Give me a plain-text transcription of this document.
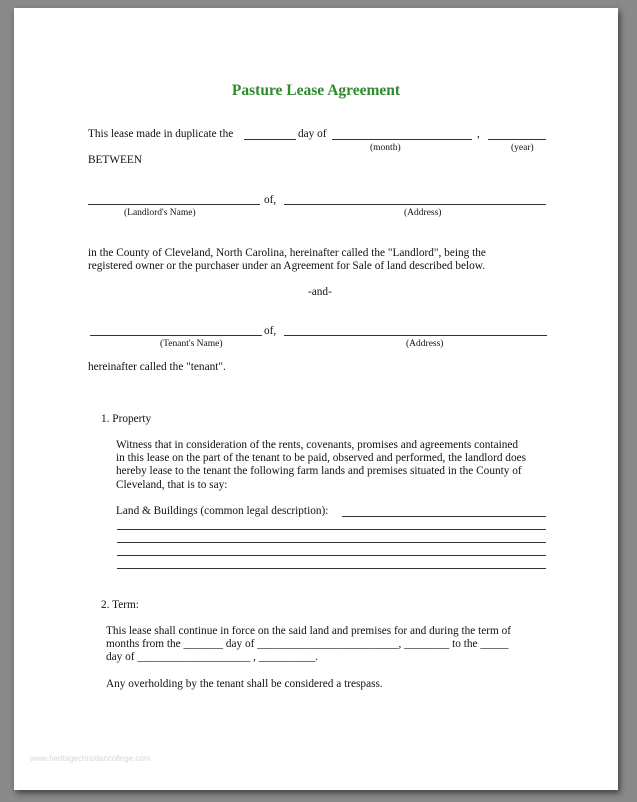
Pasture Lease Agreement
This lease made in duplicate the	day of	,
(month)	(year)
BETWEEN
of,
(Landlord's Name)	(Address)
in the County of Cleveland, North Carolina, hereinafter called the "Landlord", being the
registered owner or the purchaser under an Agreement for Sale of land described below.
-and-
of,
(Tenant's Name)	(Address)
hereinafter called the "tenant".
1. Property
Witness that in consideration of the rents, covenants, promises and agreements contained
in this lease on the part of the tenant to be paid, observed and performed, the landlord does
hereby lease to the tenant the following farm lands and premises situated in the County of
Cleveland, that is to say:
Land & Buildings (common legal description):
2. Term:
This lease shall continue in force on the said land and premises for and during the term of
months from the _______ day of _________________________, ________ to the _____
day of ____________________ , __________.
Any overholding by the tenant shall be considered a trespass.
www.heritagechristiancollege.com
